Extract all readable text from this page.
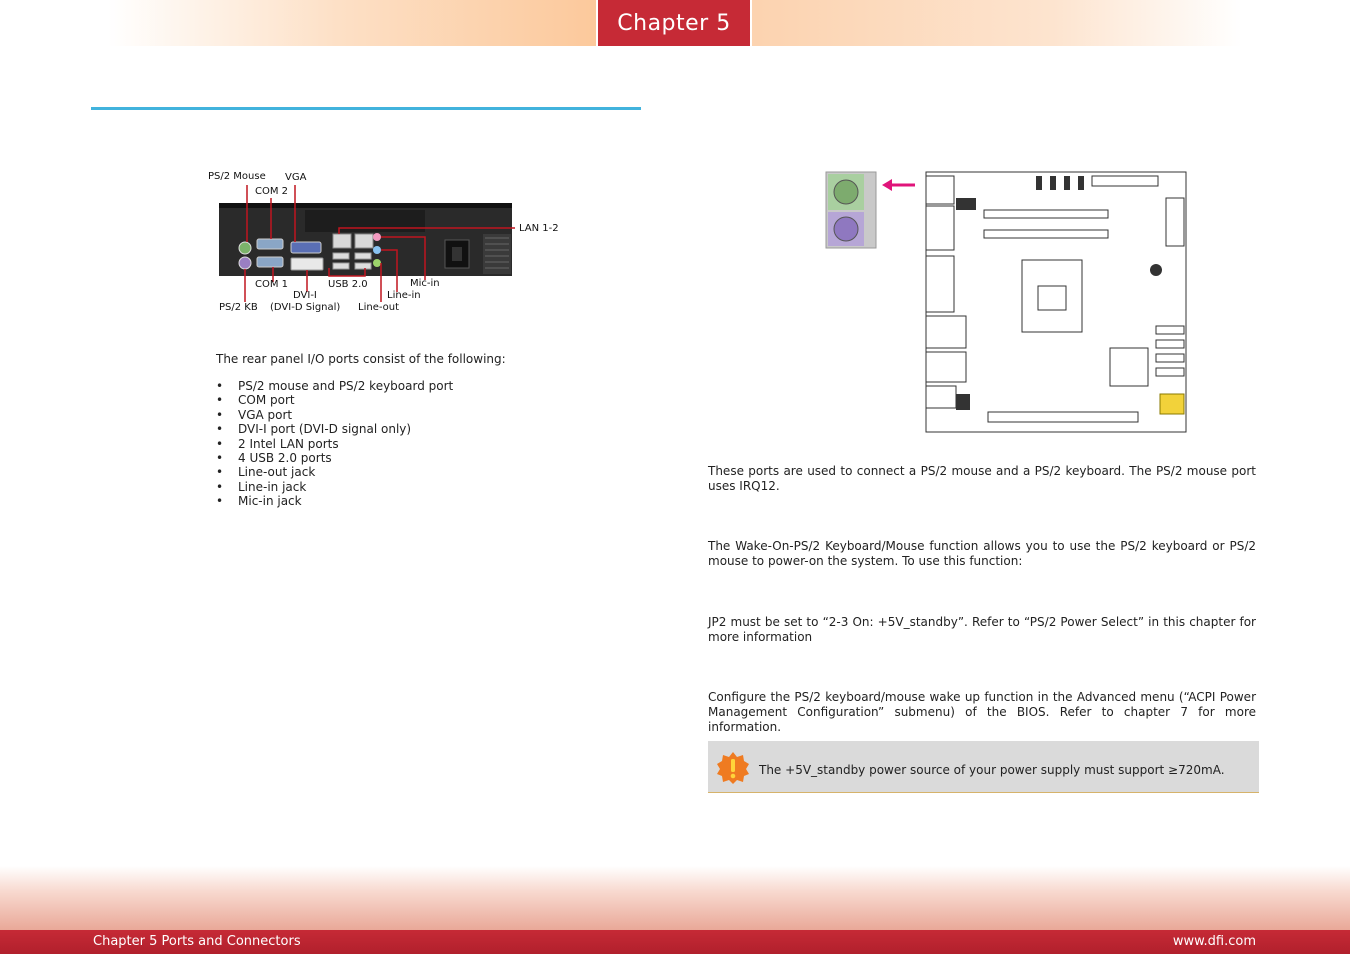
Chapter 5
PS/2 Mouse VGA
COM 2
LAN 1-2
COM 1	USB 2.0	Mic-in
DVI-I	Line-in
PS/2 KB (DVI-D Signal) Line-out
The rear panel I/O ports consist of the following:
• PS/2 mouse and PS/2 keyboard port
• COM port
• VGA port
• DVI-I port (DVI-D signal only)
• 2 Intel LAN ports
• 4 USB 2.0 ports
• Line-out jack
• Line-in jack
• Mic-in jack
These ports are used to connect a PS/2 mouse and a PS/2 keyboard. The PS/2 mouse port uses IRQ12.
The Wake-On-PS/2 Keyboard/Mouse function allows you to use the PS/2 keyboard or PS/2 mouse to power-on the system. To use this function:
JP2 must be set to “2-3 On: +5V_standby”. Refer to “PS/2 Power Select” in this chapter for more information
Configure the PS/2 keyboard/mouse wake up function in the Advanced menu (“ACPI Power Management Configuration” submenu) of the BIOS. Refer to chapter 7 for more information.
The +5V_standby power source of your power supply must support ≥720mA.
Chapter 5 Ports and Connectors	www.dfi.com
